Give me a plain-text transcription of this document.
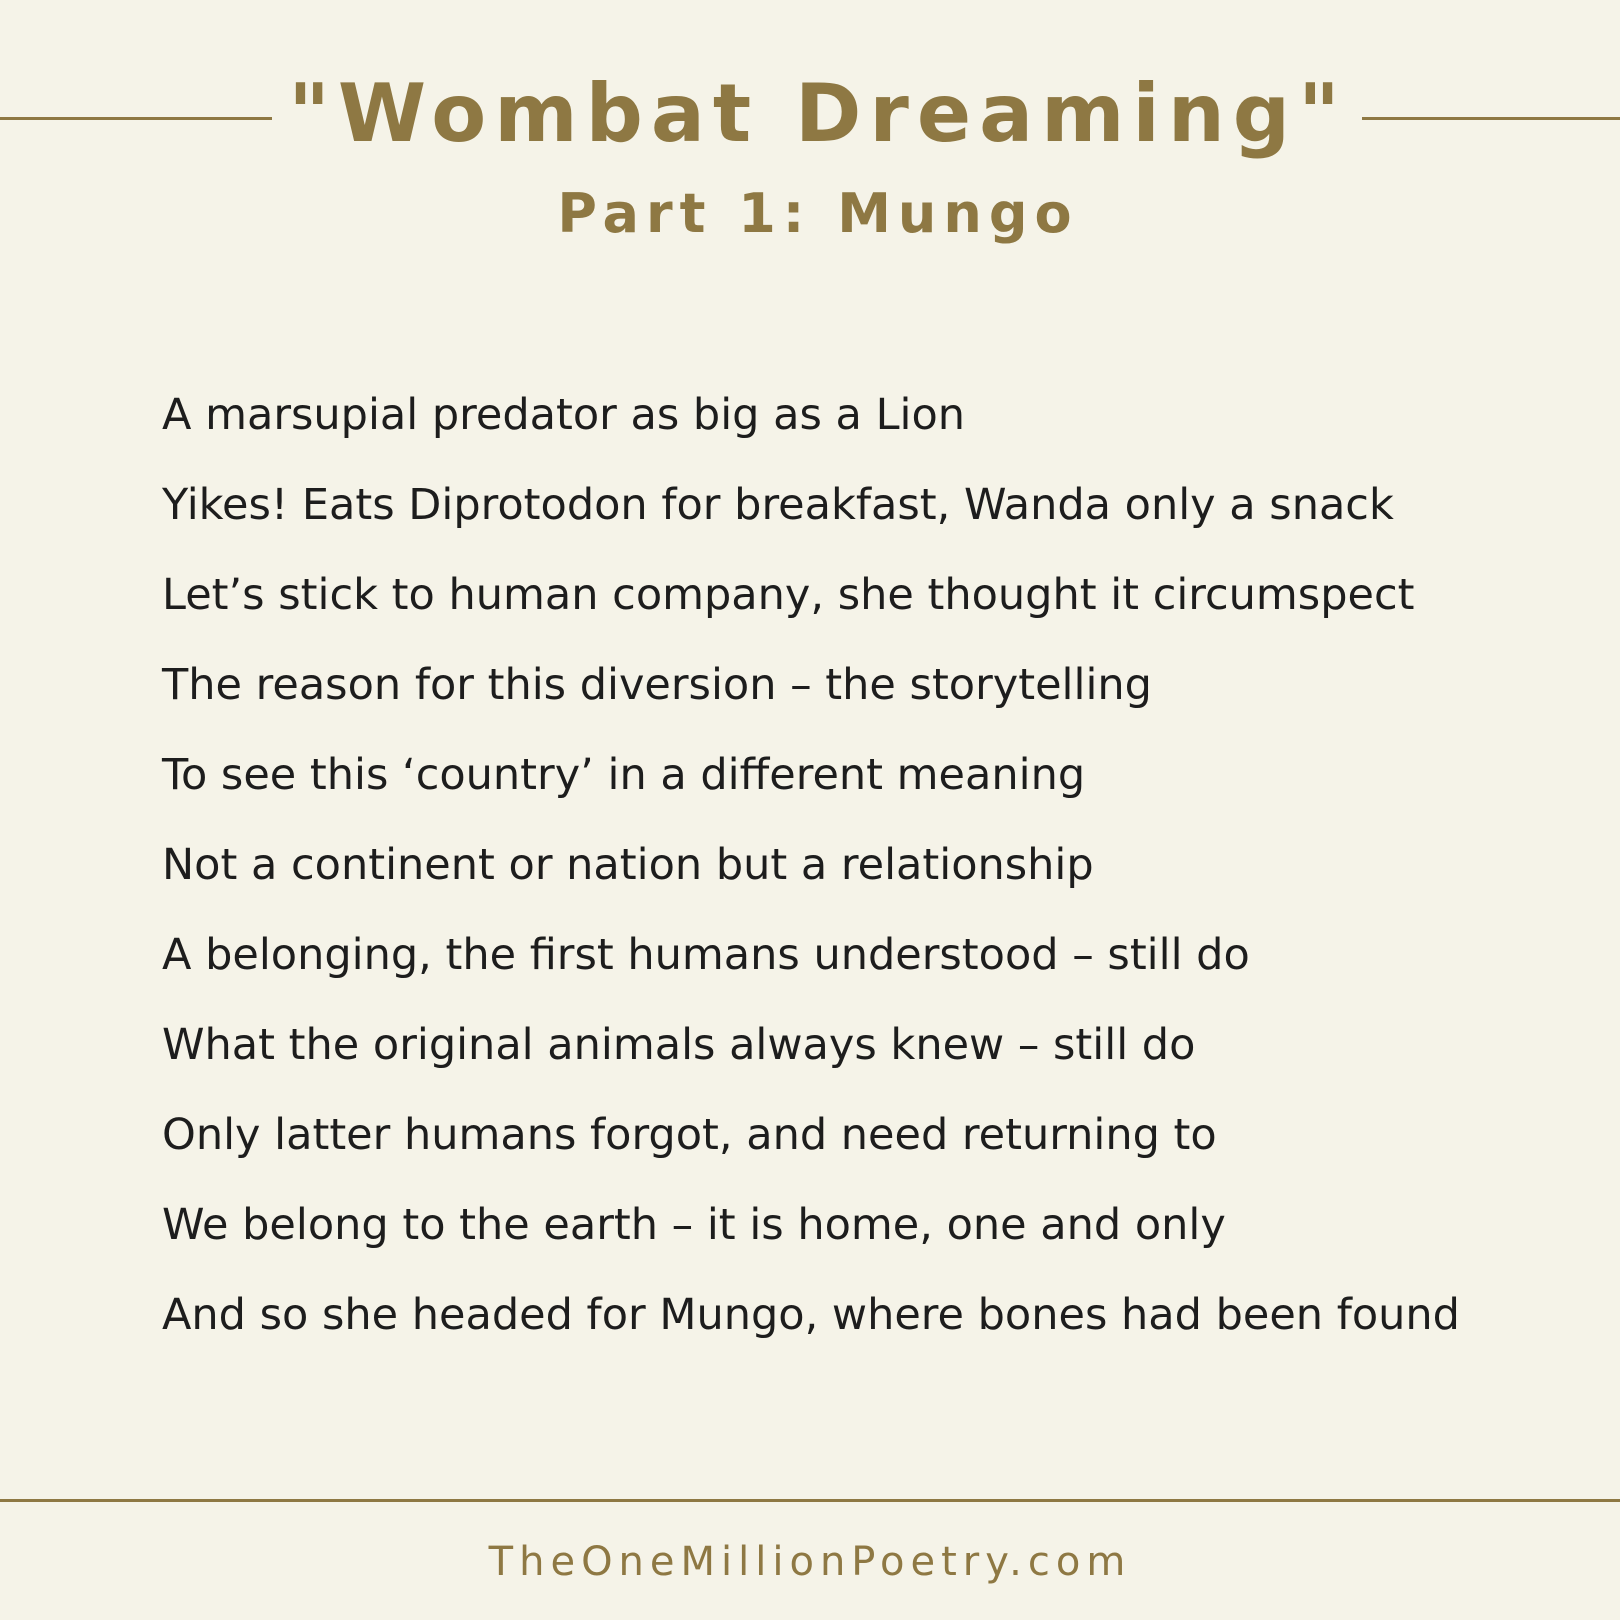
"Wombat Dreaming"
Part 1: Mungo
A marsupial predator as big as a Lion
Yikes! Eats Diprotodon for breakfast, Wanda only a snack
Let’s stick to human company, she thought it circumspect
The reason for this diversion – the storytelling
To see this ‘country’ in a different meaning
Not a continent or nation but a relationship
A belonging, the first humans understood – still do
What the original animals always knew – still do
Only latter humans forgot, and need returning to
We belong to the earth – it is home, one and only
And so she headed for Mungo, where bones had been found
TheOneMillionPoetry.com
